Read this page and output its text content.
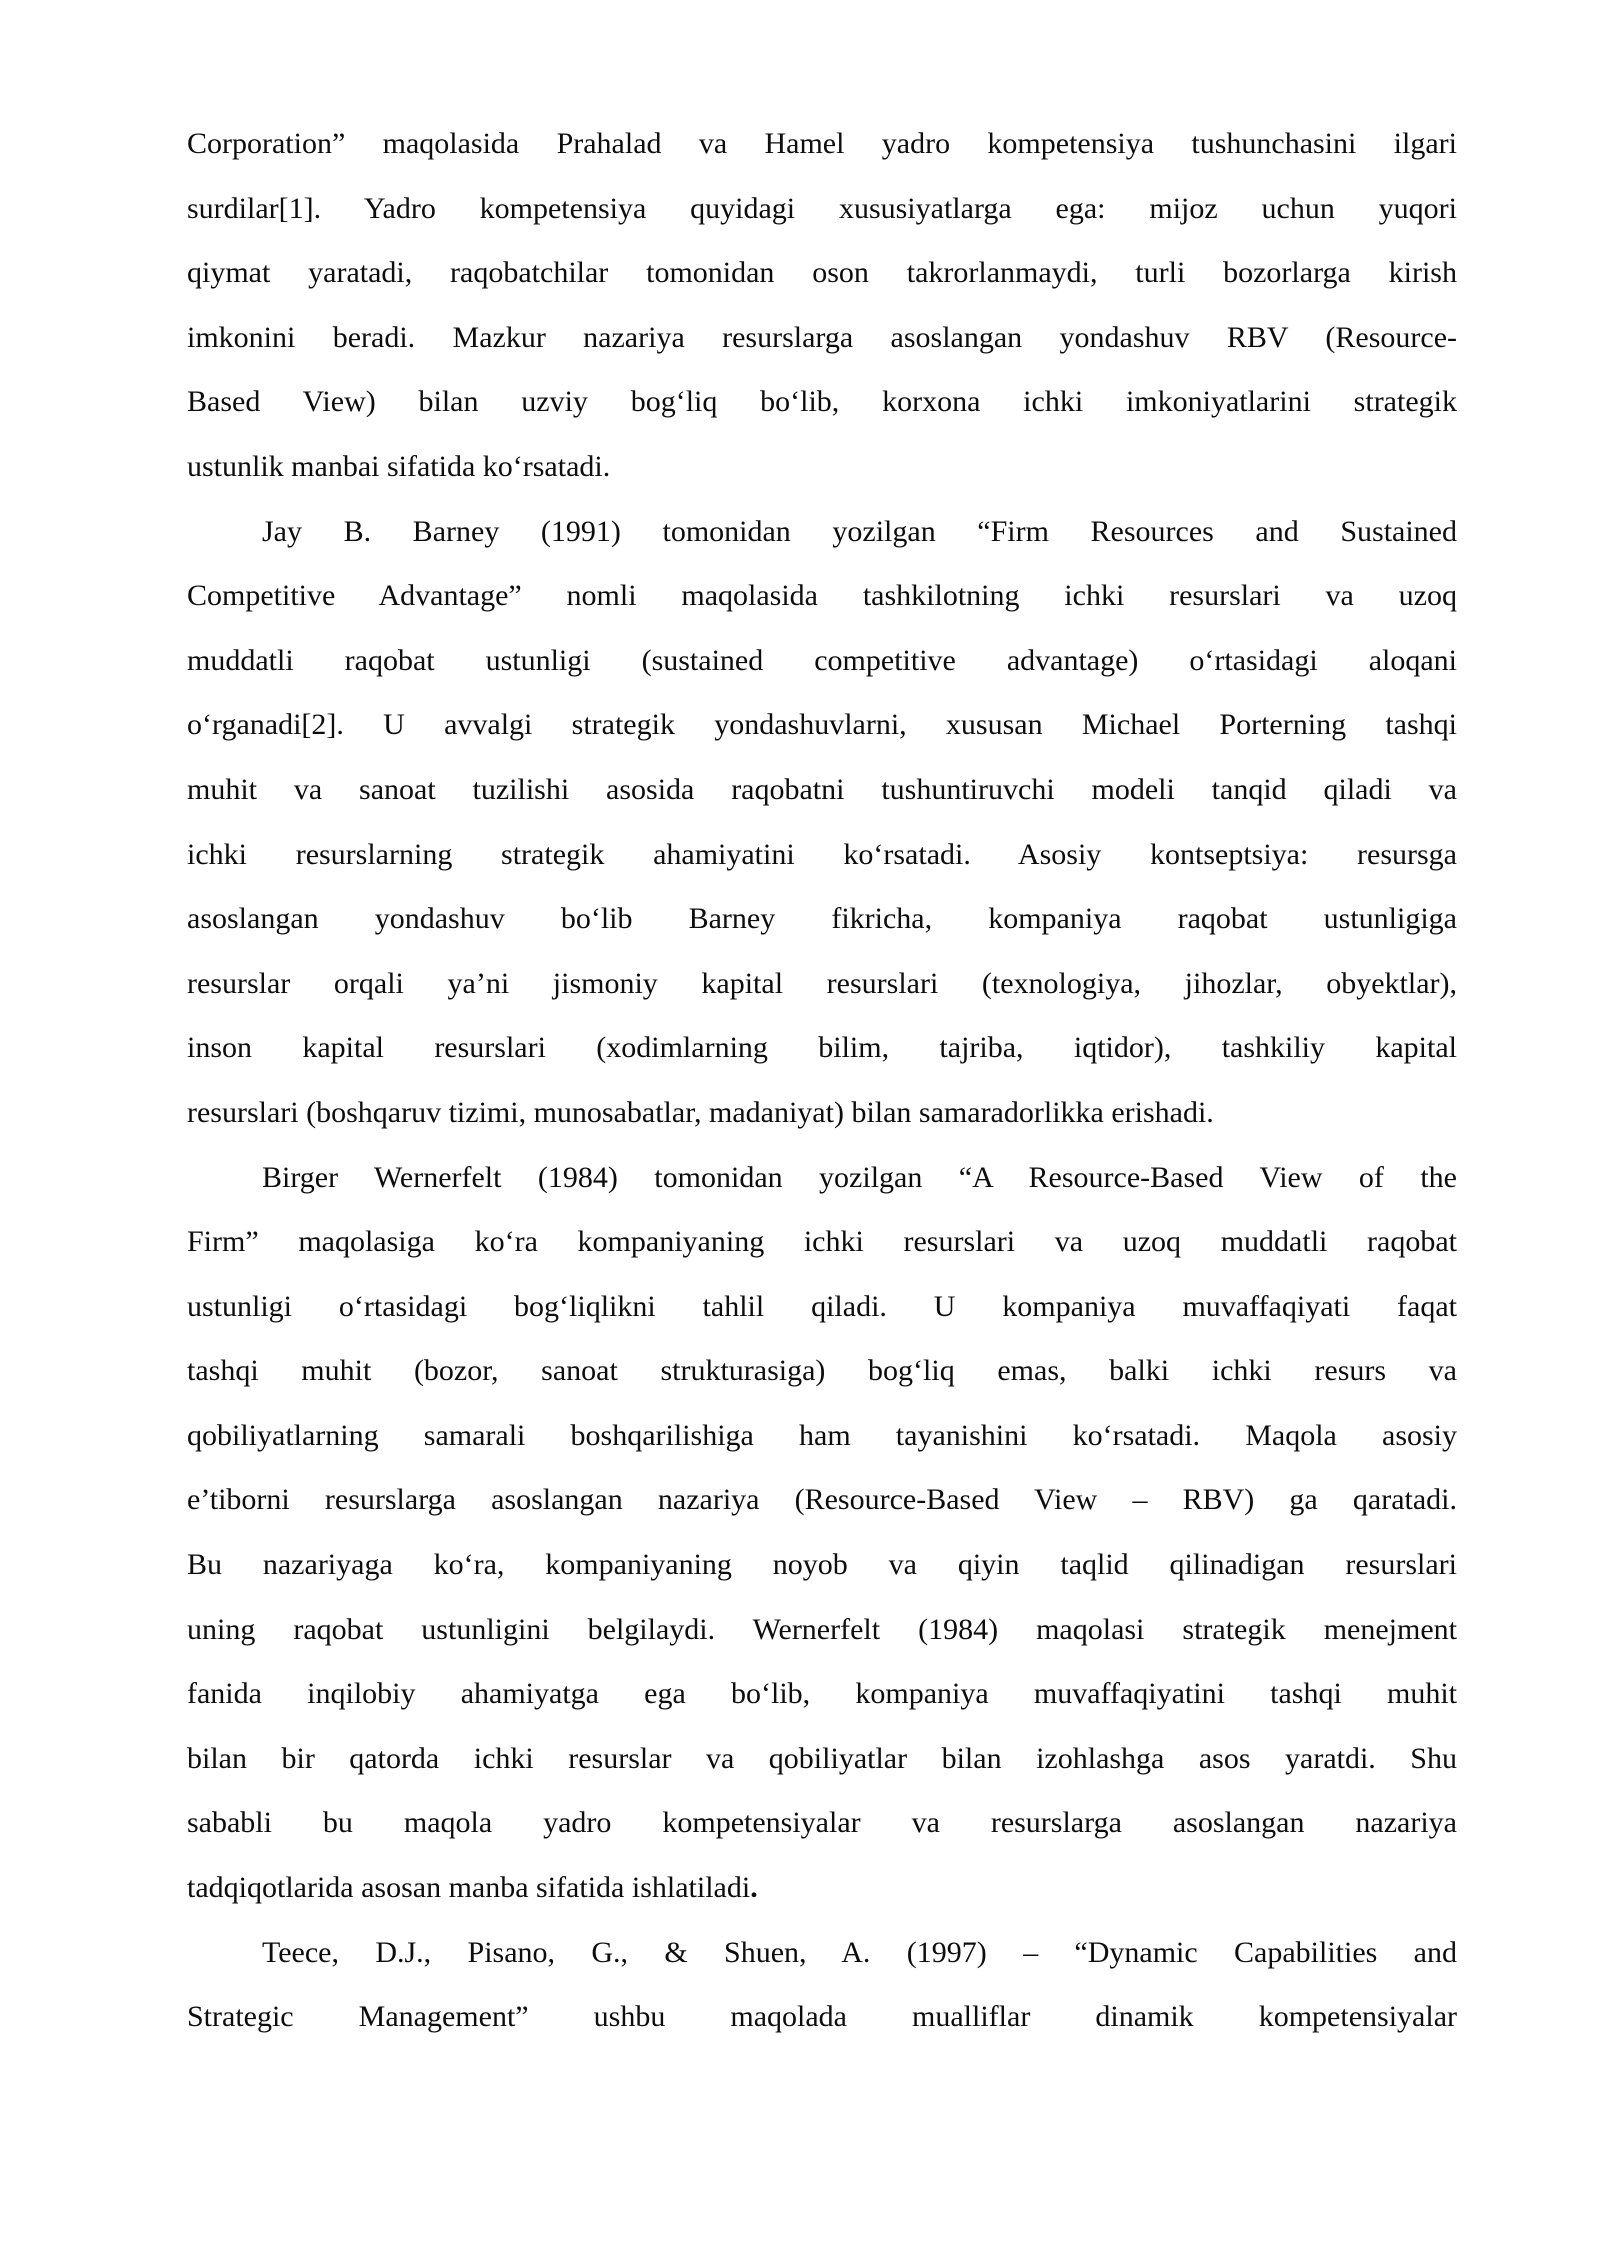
Corporation” maqolasida Prahalad va Hamel yadro kompetensiya tushunchasini ilgari
surdilar[1]. Yadro kompetensiya quyidagi xususiyatlarga ega: mijoz uchun yuqori
qiymat yaratadi, raqobatchilar tomonidan oson takrorlanmaydi, turli bozorlarga kirish
imkonini beradi. Mazkur nazariya resurslarga asoslangan yondashuv RBV (Resource-
Based View) bilan uzviy bog‘liq bo‘lib, korxona ichki imkoniyatlarini strategik
ustunlik manbai sifatida ko‘rsatadi.
Jay B. Barney (1991) tomonidan yozilgan “Firm Resources and Sustained
Competitive Advantage” nomli maqolasida tashkilotning ichki resurslari va uzoq
muddatli raqobat ustunligi (sustained competitive advantage) o‘rtasidagi aloqani
o‘rganadi[2]. U avvalgi strategik yondashuvlarni, xususan Michael Porterning tashqi
muhit va sanoat tuzilishi asosida raqobatni tushuntiruvchi modeli tanqid qiladi va
ichki resurslarning strategik ahamiyatini ko‘rsatadi. Asosiy kontseptsiya: resursga
asoslangan yondashuv bo‘lib Barney fikricha, kompaniya raqobat ustunligiga
resurslar orqali ya’ni jismoniy kapital resurslari (texnologiya, jihozlar, obyektlar),
inson kapital resurslari (xodimlarning bilim, tajriba, iqtidor), tashkiliy kapital
resurslari (boshqaruv tizimi, munosabatlar, madaniyat) bilan samaradorlikka erishadi.
Birger Wernerfelt (1984) tomonidan yozilgan “A Resource-Based View of the
Firm” maqolasiga ko‘ra kompaniyaning ichki resurslari va uzoq muddatli raqobat
ustunligi o‘rtasidagi bog‘liqlikni tahlil qiladi. U kompaniya muvaffaqiyati faqat
tashqi muhit (bozor, sanoat strukturasiga) bog‘liq emas, balki ichki resurs va
qobiliyatlarning samarali boshqarilishiga ham tayanishini ko‘rsatadi. Maqola asosiy
e’tiborni resurslarga asoslangan nazariya (Resource-Based View – RBV) ga qaratadi.
Bu nazariyaga ko‘ra, kompaniyaning noyob va qiyin taqlid qilinadigan resurslari
uning raqobat ustunligini belgilaydi. Wernerfelt (1984) maqolasi strategik menejment
fanida inqilobiy ahamiyatga ega bo‘lib, kompaniya muvaffaqiyatini tashqi muhit
bilan bir qatorda ichki resurslar va qobiliyatlar bilan izohlashga asos yaratdi. Shu
sababli bu maqola yadro kompetensiyalar va resurslarga asoslangan nazariya
tadqiqotlarida asosan manba sifatida ishlatiladi.
Teece, D.J., Pisano, G., & Shuen, A. (1997) – “Dynamic Capabilities and
Strategic Management” ushbu maqolada mualliflar dinamik kompetensiyalar
